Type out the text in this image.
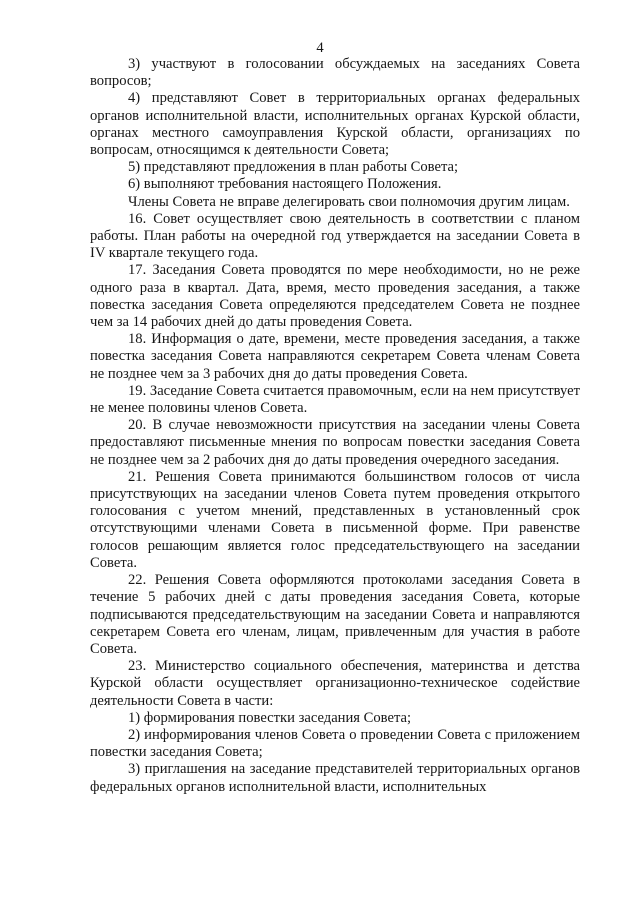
4

3) участвуют в голосовании обсуждаемых на заседаниях Совета вопросов;

4) представляют Совет в территориальных органах федеральных органов исполнительной власти, исполнительных органах Курской области, органах местного самоуправления Курской области, организациях по вопросам, относящимся к деятельности Совета;

5) представляют предложения в план работы Совета;

6) выполняют требования настоящего Положения.

Члены Совета не вправе делегировать свои полномочия другим лицам.

16. Совет осуществляет свою деятельность в соответствии с планом работы. План работы на очередной год утверждается на заседании Совета в IV квартале текущего года.

17. Заседания Совета проводятся по мере необходимости, но не реже одного раза в квартал. Дата, время, место проведения заседания, а также повестка заседания Совета определяются председателем Совета не позднее чем за 14 рабочих дней до даты проведения Совета.

18. Информация о дате, времени, месте проведения заседания, а также повестка заседания Совета направляются секретарем Совета членам Совета не позднее чем за 3 рабочих дня до даты проведения Совета.

19. Заседание Совета считается правомочным, если на нем присутствует не менее половины членов Совета.

20. В случае невозможности присутствия на заседании члены Совета предоставляют письменные мнения по вопросам повестки заседания Совета не позднее чем за 2 рабочих дня до даты проведения очередного заседания.

21. Решения Совета принимаются большинством голосов от числа присутствующих на заседании членов Совета путем проведения открытого голосования с учетом мнений, представленных в установленный срок отсутствующими членами Совета в письменной форме. При равенстве голосов решающим является голос председательствующего на заседании Совета.

22. Решения Совета оформляются протоколами заседания Совета в течение 5 рабочих дней с даты проведения заседания Совета, которые подписываются председательствующим на заседании Совета и направляются секретарем Совета его членам, лицам, привлеченным для участия в работе Совета.

23. Министерство социального обеспечения, материнства и детства Курской области осуществляет организационно-техническое содействие деятельности Совета в части:

1) формирования повестки заседания Совета;

2) информирования членов Совета о проведении Совета с приложением повестки заседания Совета;

3) приглашения на заседание представителей территориальных органов федеральных органов исполнительной власти, исполнительных
